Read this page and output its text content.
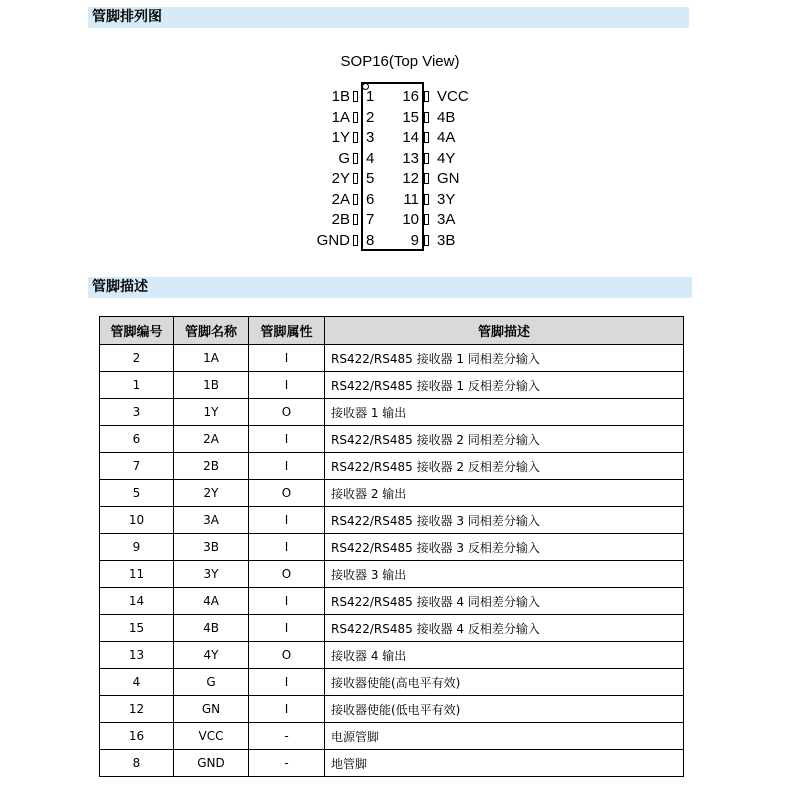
管脚排列图
SOP16(Top View)
1B 1
1A 2
1Y 3
G 4
2Y 5
2A 6
2B 7
GND 8
16 VCC
15 4B
14 4A
13 4Y
12 GN
11 3Y
10 3A
9 3B
管脚描述
管脚编号	管脚名称	管脚属性	管脚描述
2	1A	I	RS422/RS485 接收器 1 同相差分输入
1	1B	I	RS422/RS485 接收器 1 反相差分输入
3	1Y	O	接收器 1 输出
6	2A	I	RS422/RS485 接收器 2 同相差分输入
7	2B	I	RS422/RS485 接收器 2 反相差分输入
5	2Y	O	接收器 2 输出
10	3A	I	RS422/RS485 接收器 3 同相差分输入
9	3B	I	RS422/RS485 接收器 3 反相差分输入
11	3Y	O	接收器 3 输出
14	4A	I	RS422/RS485 接收器 4 同相差分输入
15	4B	I	RS422/RS485 接收器 4 反相差分输入
13	4Y	O	接收器 4 输出
4	G	I	接收器使能(高电平有效)
12	GN	I	接收器使能(低电平有效)
16	VCC	-	电源管脚
8	GND	-	地管脚
